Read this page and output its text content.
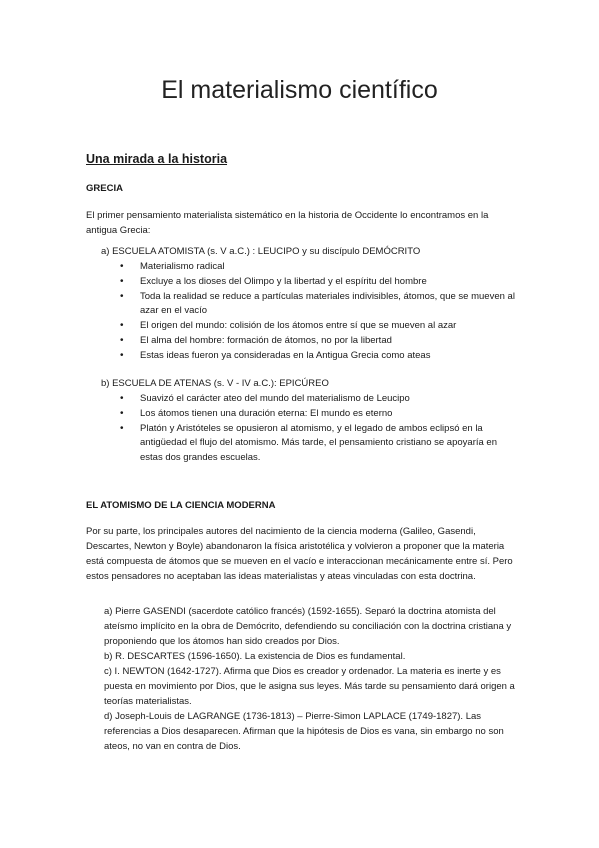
El materialismo científico
Una mirada a la historia
GRECIA

El primer pensamiento materialista sistemático en la historia de Occidente lo encontramos en la antigua Grecia:

a) ESCUELA ATOMISTA (s. V a.C.) : LEUCIPO y su discípulo DEMÓCRITO
• Materialismo radical
• Excluye a los dioses del Olimpo y la libertad y el espíritu del hombre
• Toda la realidad se reduce a partículas materiales indivisibles, átomos, que se mueven al azar en el vacío
• El origen del mundo: colisión de los átomos entre sí que se mueven al azar
• El alma del hombre: formación de átomos, no por la libertad
• Estas ideas fueron ya consideradas en la Antigua Grecia como ateas
b) ESCUELA DE ATENAS (s. V - IV a.C.): EPICÚREO
• Suavizó el carácter ateo del mundo del materialismo de Leucipo
• Los átomos tienen una duración eterna: El mundo es eterno
• Platón y Aristóteles se opusieron al atomismo, y el legado de ambos eclipsó en la antigüedad el flujo del atomismo. Más tarde, el pensamiento cristiano se apoyaría en estas dos grandes escuelas.
EL ATOMISMO DE LA CIENCIA MODERNA

Por su parte, los principales autores del nacimiento de la ciencia moderna (Galileo, Gasendi, Descartes, Newton y Boyle) abandonaron la física aristotélica y volvieron a proponer que la materia está compuesta de átomos que se mueven en el vacío e interaccionan mecánicamente entre sí. Pero estos pensadores no aceptaban las ideas materialistas y ateas vinculadas con esta doctrina.

a) Pierre GASENDI (sacerdote católico francés) (1592-1655). Separó la doctrina atomista del ateísmo implícito en la obra de Demócrito, defendiendo su conciliación con la doctrina cristiana y proponiendo que los átomos han sido creados por Dios.
b) R. DESCARTES (1596-1650). La existencia de Dios es fundamental.
c) I. NEWTON (1642-1727). Afirma que Dios es creador y ordenador. La materia es inerte y es puesta en movimiento por Dios, que le asigna sus leyes. Más tarde su pensamiento dará origen a teorías materialistas.
d) Joseph-Louis de LAGRANGE (1736-1813) – Pierre-Simon LAPLACE (1749-1827). Las referencias a Dios desaparecen. Afirman que la hipótesis de Dios es vana, sin embargo no son ateos, no van en contra de Dios.
